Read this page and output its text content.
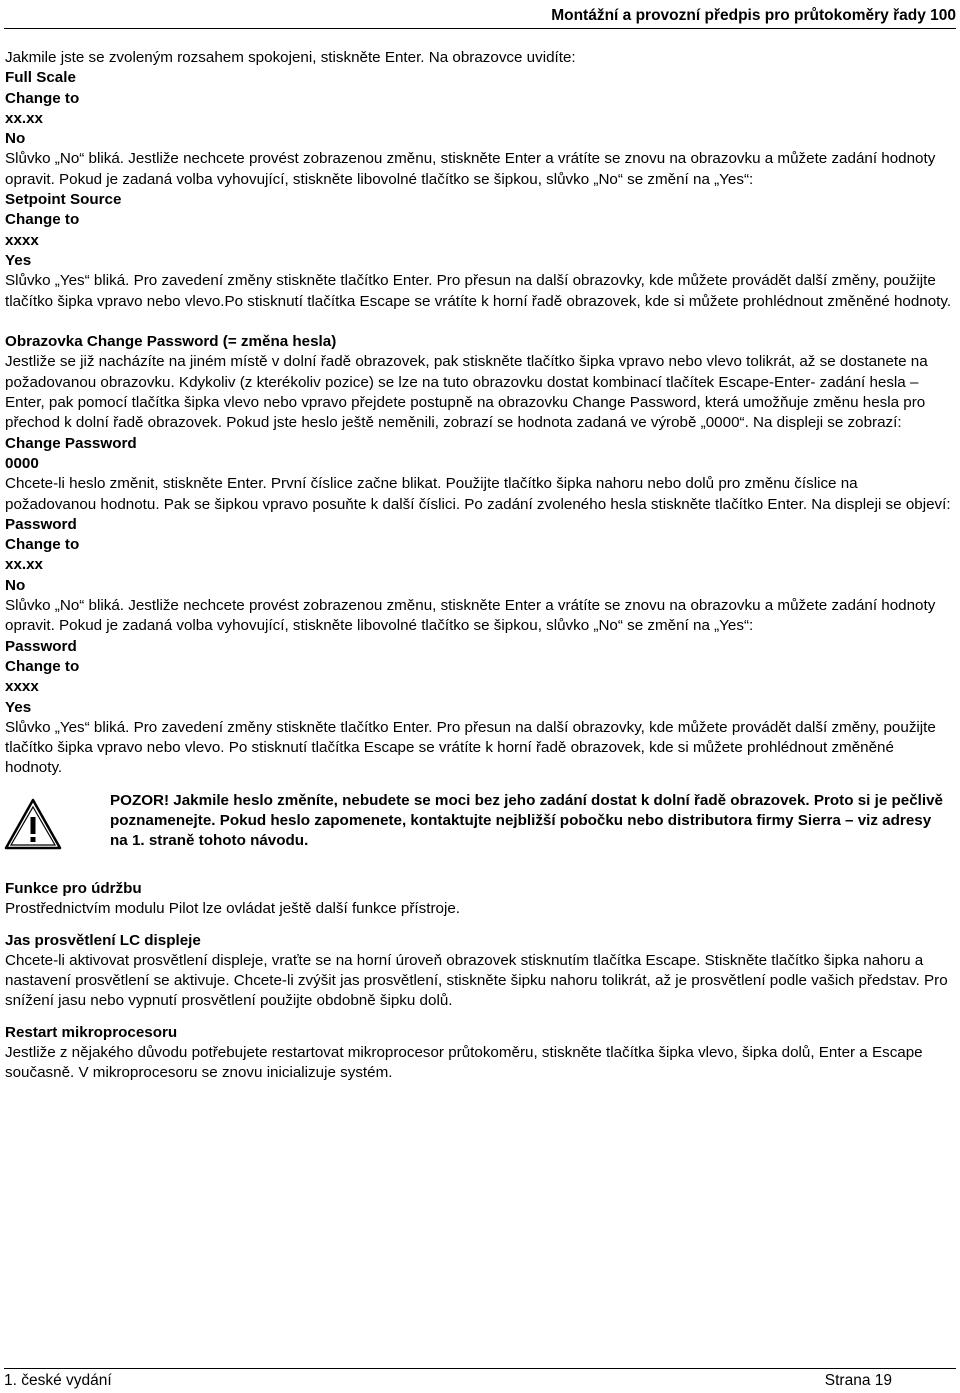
Montážní a provozní předpis pro průtokoměry řady 100

Jakmile jste se zvoleným rozsahem spokojeni, stiskněte Enter. Na obrazovce uvidíte:

Full Scale

Change to

xx.xx

No

Slůvko „No“ bliká. Jestliže nechcete provést zobrazenou změnu, stiskněte Enter a vrátíte se znovu na obrazovku a můžete zadání hodnoty opravit. Pokud je zadaná volba vyhovující, stiskněte libovolné tlačítko se šipkou, slůvko „No“ se změní na „Yes“:

Setpoint Source

Change to

xxxx

Yes

Slůvko „Yes“ bliká. Pro zavedení změny stiskněte tlačítko Enter. Pro přesun na další obrazovky, kde můžete provádět další změny, použijte tlačítko šipka vpravo nebo vlevo.Po stisknutí tlačítka Escape se vrátíte k horní řadě obrazovek, kde si můžete prohlédnout změněné hodnoty.

Obrazovka Change Password (= změna hesla)

Jestliže se již nacházíte na jiném místě v dolní řadě obrazovek, pak stiskněte tlačítko šipka vpravo nebo vlevo tolikrát, až se dostanete na požadovanou obrazovku. Kdykoliv (z kterékoliv pozice) se lze na tuto obrazovku dostat kombinací tlačítek Escape-Enter- zadání hesla – Enter, pak pomocí tlačítka šipka vlevo nebo vpravo přejdete postupně na obrazovku Change Password, která umožňuje změnu hesla pro přechod k dolní řadě obrazovek. Pokud jste heslo ještě neměnili, zobrazí se hodnota zadaná ve výrobě „0000“. Na displeji se zobrazí:

Change Password

0000

Chcete-li heslo změnit, stiskněte Enter. První číslice začne blikat. Použijte tlačítko šipka nahoru nebo dolů pro změnu číslice na požadovanou hodnotu. Pak se šipkou vpravo posuňte k další číslici. Po zadání zvoleného hesla stiskněte tlačítko Enter. Na displeji se objeví:

Password

Change to

xx.xx

No

Slůvko „No“ bliká. Jestliže nechcete provést zobrazenou změnu, stiskněte Enter a vrátíte se znovu na obrazovku a můžete zadání hodnoty opravit. Pokud je zadaná volba vyhovující, stiskněte libovolné tlačítko se šipkou, slůvko „No“ se změní na „Yes“:

Password

Change to

xxxx

Yes

Slůvko „Yes“ bliká. Pro zavedení změny stiskněte tlačítko Enter. Pro přesun na další obrazovky, kde můžete provádět další změny, použijte tlačítko šipka vpravo nebo vlevo. Po stisknutí tlačítka Escape se vrátíte k horní řadě obrazovek, kde si můžete prohlédnout změněné hodnoty.

POZOR! Jakmile heslo změníte, nebudete se moci bez jeho zadání dostat k dolní řadě obrazovek. Proto si je pečlivě poznamenejte. Pokud heslo zapomenete, kontaktujte nejbližší pobočku nebo distributora firmy Sierra – viz adresy na 1. straně tohoto návodu.

Funkce pro údržbu

Prostřednictvím modulu Pilot lze ovládat ještě další funkce přístroje.

Jas prosvětlení LC displeje

Chcete-li aktivovat prosvětlení displeje, vraťte se na horní úroveň obrazovek stisknutím tlačítka Escape. Stiskněte tlačítko šipka nahoru a nastavení prosvětlení se aktivuje. Chcete-li zvýšit jas prosvětlení, stiskněte šipku nahoru tolikrát, až je prosvětlení podle vašich představ. Pro snížení jasu nebo vypnutí prosvětlení použijte obdobně šipku dolů.

Restart mikroprocesoru

Jestliže z nějakého důvodu potřebujete restartovat mikroprocesor průtokoměru, stiskněte tlačítka šipka vlevo, šipka dolů, Enter a Escape současně. V mikroprocesoru se znovu inicializuje systém.

1. české vydání	Strana 19
